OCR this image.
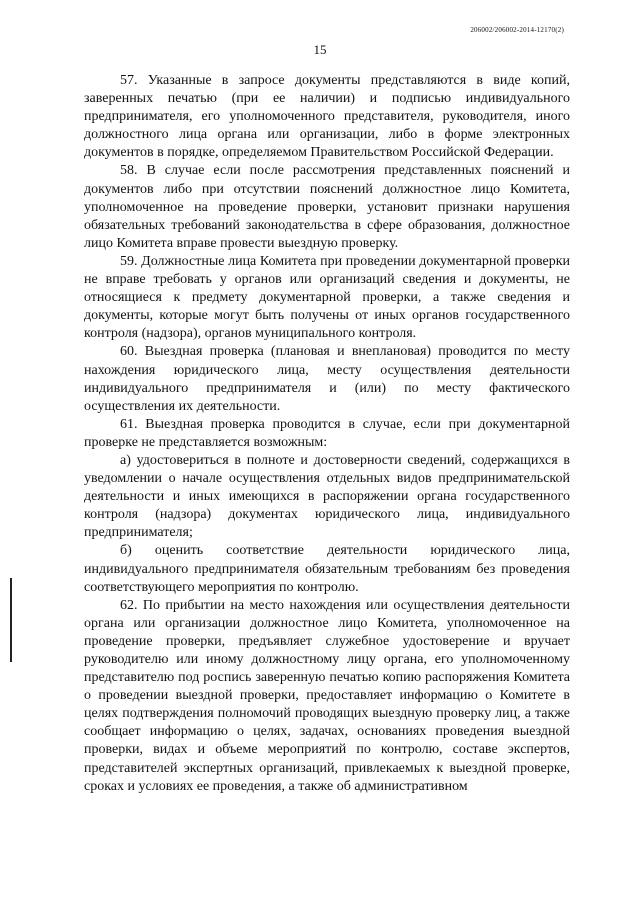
206002/206002-2014-12170(2)
15

57. Указанные в запросе документы представляются в виде копий, заверенных печатью (при ее наличии) и подписью индивидуального предпринимателя, его уполномоченного представителя, руководителя, иного должностного лица органа или организации, либо в форме электронных документов в порядке, определяемом Правительством Российской Федерации.

58. В случае если после рассмотрения представленных пояснений и документов либо при отсутствии пояснений должностное лицо Комитета, уполномоченное на проведение проверки, установит признаки нарушения обязательных требований законодательства в сфере образования, должностное лицо Комитета вправе провести выездную проверку.

59. Должностные лица Комитета при проведении документарной проверки не вправе требовать у органов или организаций сведения и документы, не относящиеся к предмету документарной проверки, а также сведения и документы, которые могут быть получены от иных органов государственного контроля (надзора), органов муниципального контроля.

60. Выездная проверка (плановая и внеплановая) проводится по месту нахождения юридического лица, месту осуществления деятельности индивидуального предпринимателя и (или) по месту фактического осуществления их деятельности.

61. Выездная проверка проводится в случае, если при документарной проверке не представляется возможным:

а) удостовериться в полноте и достоверности сведений, содержащихся в уведомлении о начале осуществления отдельных видов предпринимательской деятельности и иных имеющихся в распоряжении органа государственного контроля (надзора) документах юридического лица, индивидуального предпринимателя;

б) оценить соответствие деятельности юридического лица, индивидуального предпринимателя обязательным требованиям без проведения соответствующего мероприятия по контролю.

62. По прибытии на место нахождения или осуществления деятельности органа или организации должностное лицо Комитета, уполномоченное на проведение проверки, предъявляет служебное удостоверение и вручает руководителю или иному должностному лицу органа, его уполномоченному представителю под роспись заверенную печатью копию распоряжения Комитета о проведении выездной проверки, предоставляет информацию о Комитете в целях подтверждения полномочий проводящих выездную проверку лиц, а также сообщает информацию о целях, задачах, основаниях проведения выездной проверки, видах и объеме мероприятий по контролю, составе экспертов, представителей экспертных организаций, привлекаемых к выездной проверке, сроках и условиях ее проведения, а также об административном
